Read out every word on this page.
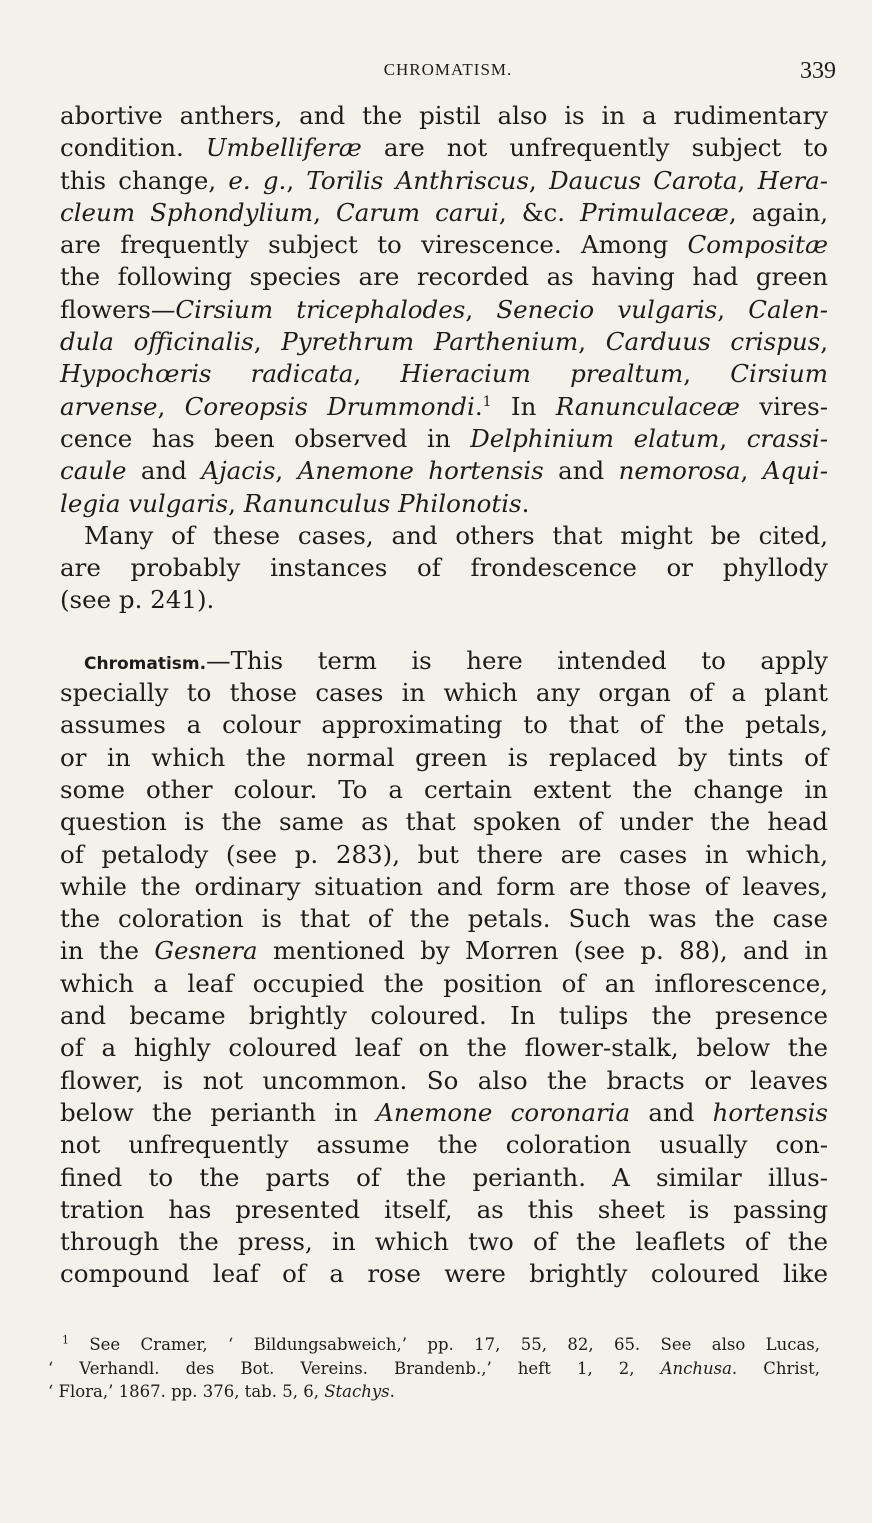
CHROMATISM.	339
abortive anthers, and the pistil also is in a rudimentary
condition. Umbelliferæ are not unfrequently subject to
this change, e. g., Torilis Anthriscus, Daucus Carota, Hera-
cleum Sphondylium, Carum carui, &c. Primulaceæ, again,
are frequently subject to virescence. Among Compositæ
the following species are recorded as having had green
flowers—Cirsium tricephalodes, Senecio vulgaris, Calen-
dula officinalis, Pyrethrum Parthenium, Carduus crispus,
Hypochœris radicata, Hieracium prealtum, Cirsium
arvense, Coreopsis Drummondi.$^1$ In Ranunculaceæ vires-
cence has been observed in Delphinium elatum, crassi-
caule and Ajacis, Anemone hortensis and nemorosa, Aqui-
legia vulgaris, Ranunculus Philonotis.
Many of these cases, and others that might be cited,
are probably instances of frondescence or phyllody
(see p. 241).
Chromatism.—This term is here intended to apply
specially to those cases in which any organ of a plant
assumes a colour approximating to that of the petals,
or in which the normal green is replaced by tints of
some other colour. To a certain extent the change in
question is the same as that spoken of under the head
of petalody (see p. 283), but there are cases in which,
while the ordinary situation and form are those of leaves,
the coloration is that of the petals. Such was the case
in the Gesnera mentioned by Morren (see p. 88), and in
which a leaf occupied the position of an inflorescence,
and became brightly coloured. In tulips the presence
of a highly coloured leaf on the flower-stalk, below the
flower, is not uncommon. So also the bracts or leaves
below the perianth in Anemone coronaria and hortensis
not unfrequently assume the coloration usually con-
fined to the parts of the perianth. A similar illus-
tration has presented itself, as this sheet is passing
through the press, in which two of the leaflets of the
compound leaf of a rose were brightly coloured like
$^1$ See Cramer, ‘ Bildungsabweich,’ pp. 17, 55, 82, 65. See also Lucas,
‘ Verhandl. des Bot. Vereins. Brandenb.,’ heft 1, 2, Anchusa. Christ,
‘ Flora,’ 1867. pp. 376, tab. 5, 6, Stachys.
